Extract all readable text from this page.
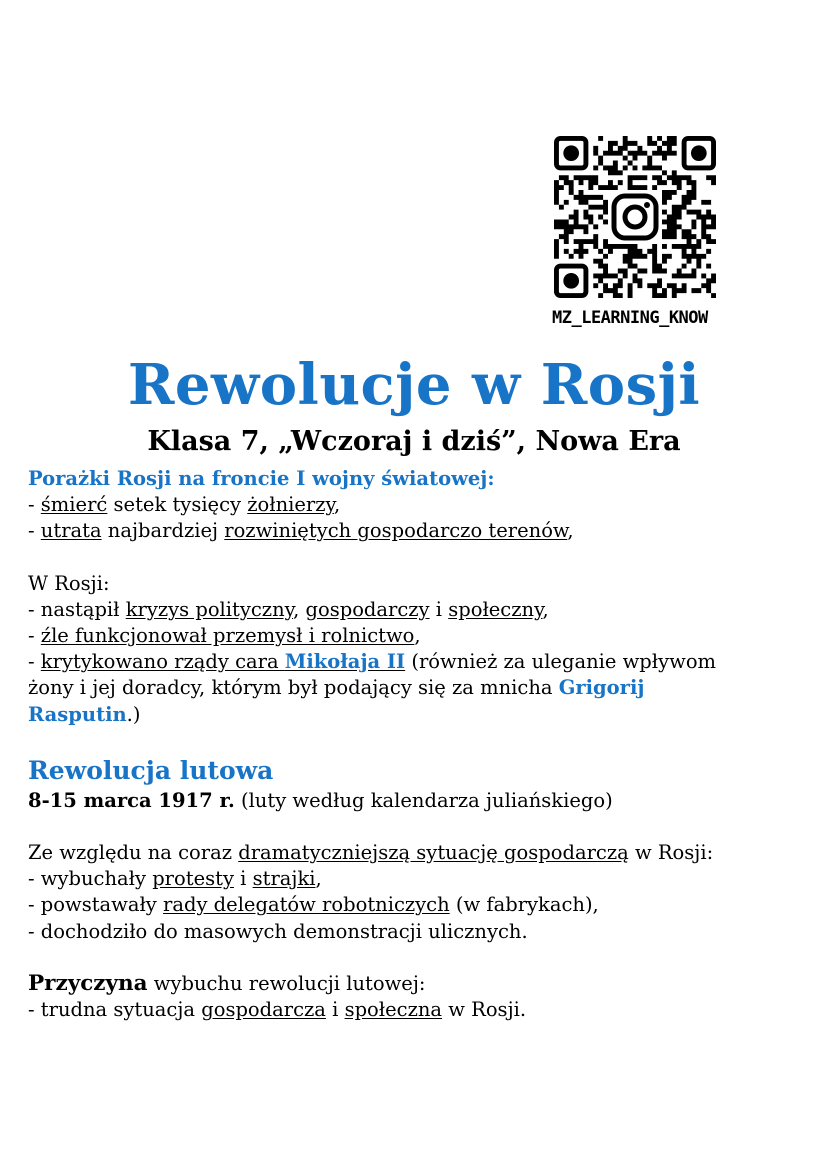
MZ_LEARNING_KNOW
Rewolucje w Rosji
Klasa 7, „Wczoraj i dziś”, Nowa Era

Porażki Rosji na froncie I wojny światowej:

- śmierć setek tysięcy żołnierzy,

- utrata najbardziej rozwiniętych gospodarczo terenów,

W Rosji:

- nastąpił kryzys polityczny, gospodarczy i społeczny,

- źle funkcjonował przemysł i rolnictwo,

- krytykowano rządy cara Mikołaja II (również za uleganie wpływom

żony i jej doradcy, którym był podający się za mnicha Grigorij

Rasputin.)

Rewolucja lutowa

8-15 marca 1917 r. (luty według kalendarza juliańskiego)

Ze względu na coraz dramatyczniejszą sytuację gospodarczą w Rosji:

- wybuchały protesty i strajki,

- powstawały rady delegatów robotniczych (w fabrykach),

- dochodziło do masowych demonstracji ulicznych.

Przyczyna wybuchu rewolucji lutowej:

- trudna sytuacja gospodarcza i społeczna w Rosji.
